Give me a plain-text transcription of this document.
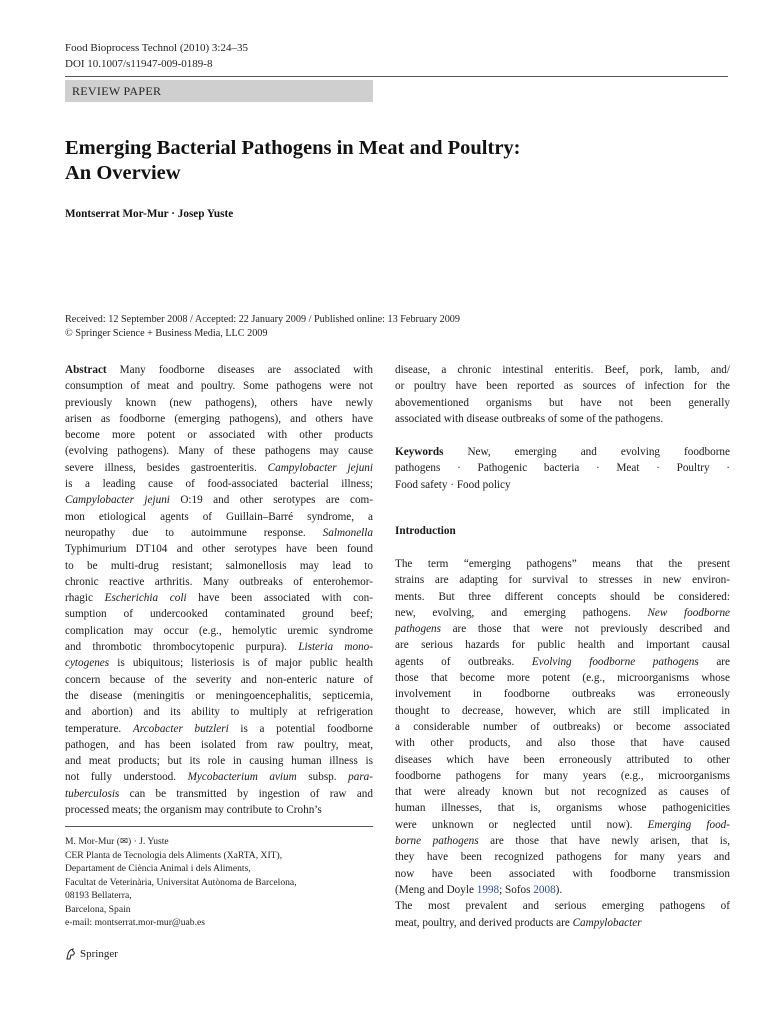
Food Bioprocess Technol (2010) 3:24–35
DOI 10.1007/s11947-009-0189-8
REVIEW PAPER
Emerging Bacterial Pathogens in Meat and Poultry:
An Overview
Montserrat Mor-Mur · Josep Yuste
Received: 12 September 2008 / Accepted: 22 January 2009 / Published online: 13 February 2009
© Springer Science + Business Media, LLC 2009
Abstract Many foodborne diseases are associated with
consumption of meat and poultry. Some pathogens were not
previously known (new pathogens), others have newly
arisen as foodborne (emerging pathogens), and others have
become more potent or associated with other products
(evolving pathogens). Many of these pathogens may cause
severe illness, besides gastroenteritis. Campylobacter jejuni
is a leading cause of food-associated bacterial illness;
Campylobacter jejuni O:19 and other serotypes are com-
mon etiological agents of Guillain–Barré syndrome, a
neuropathy due to autoimmune response. Salmonella
Typhimurium DT104 and other serotypes have been found
to be multi-drug resistant; salmonellosis may lead to
chronic reactive arthritis. Many outbreaks of enterohemor-
rhagic Escherichia coli have been associated with con-
sumption of undercooked contaminated ground beef;
complication may occur (e.g., hemolytic uremic syndrome
and thrombotic thrombocytopenic purpura). Listeria mono-
cytogenes is ubiquitous; listeriosis is of major public health
concern because of the severity and non-enteric nature of
the disease (meningitis or meningoencephalitis, septicemia,
and abortion) and its ability to multiply at refrigeration
temperature. Arcobacter butzleri is a potential foodborne
pathogen, and has been isolated from raw poultry, meat,
and meat products; but its role in causing human illness is
not fully understood. Mycobacterium avium subsp. para-
tuberculosis can be transmitted by ingestion of raw and
processed meats; the organism may contribute to Crohn’s
M. Mor-Mur (✉) · J. Yuste
CER Planta de Tecnologia dels Aliments (XaRTA, XIT),
Departament de Ciència Animal i dels Aliments,
Facultat de Veterinària, Universitat Autònoma de Barcelona,
08193 Bellaterra,
Barcelona, Spain
e-mail: montserrat.mor-mur@uab.es
disease, a chronic intestinal enteritis. Beef, pork, lamb, and/
or poultry have been reported as sources of infection for the
abovementioned organisms but have not been generally
associated with disease outbreaks of some of the pathogens.
Keywords New, emerging and evolving foodborne
pathogens · Pathogenic bacteria · Meat · Poultry ·
Food safety · Food policy
Introduction
The term “emerging pathogens” means that the present
strains are adapting for survival to stresses in new environ-
ments. But three different concepts should be considered:
new, evolving, and emerging pathogens. New foodborne
pathogens are those that were not previously described and
are serious hazards for public health and important causal
agents of outbreaks. Evolving foodborne pathogens are
those that become more potent (e.g., microorganisms whose
involvement in foodborne outbreaks was erroneously
thought to decrease, however, which are still implicated in
a considerable number of outbreaks) or become associated
with other products, and also those that have caused
diseases which have been erroneously attributed to other
foodborne pathogens for many years (e.g., microorganisms
that were already known but not recognized as causes of
human illnesses, that is, organisms whose pathogenicities
were unknown or neglected until now). Emerging food-
borne pathogens are those that have newly arisen, that is,
they have been recognized pathogens for many years and
now have been associated with foodborne transmission
(Meng and Doyle 1998; Sofos 2008).
The most prevalent and serious emerging pathogens of
meat, poultry, and derived products are Campylobacter
Springer
